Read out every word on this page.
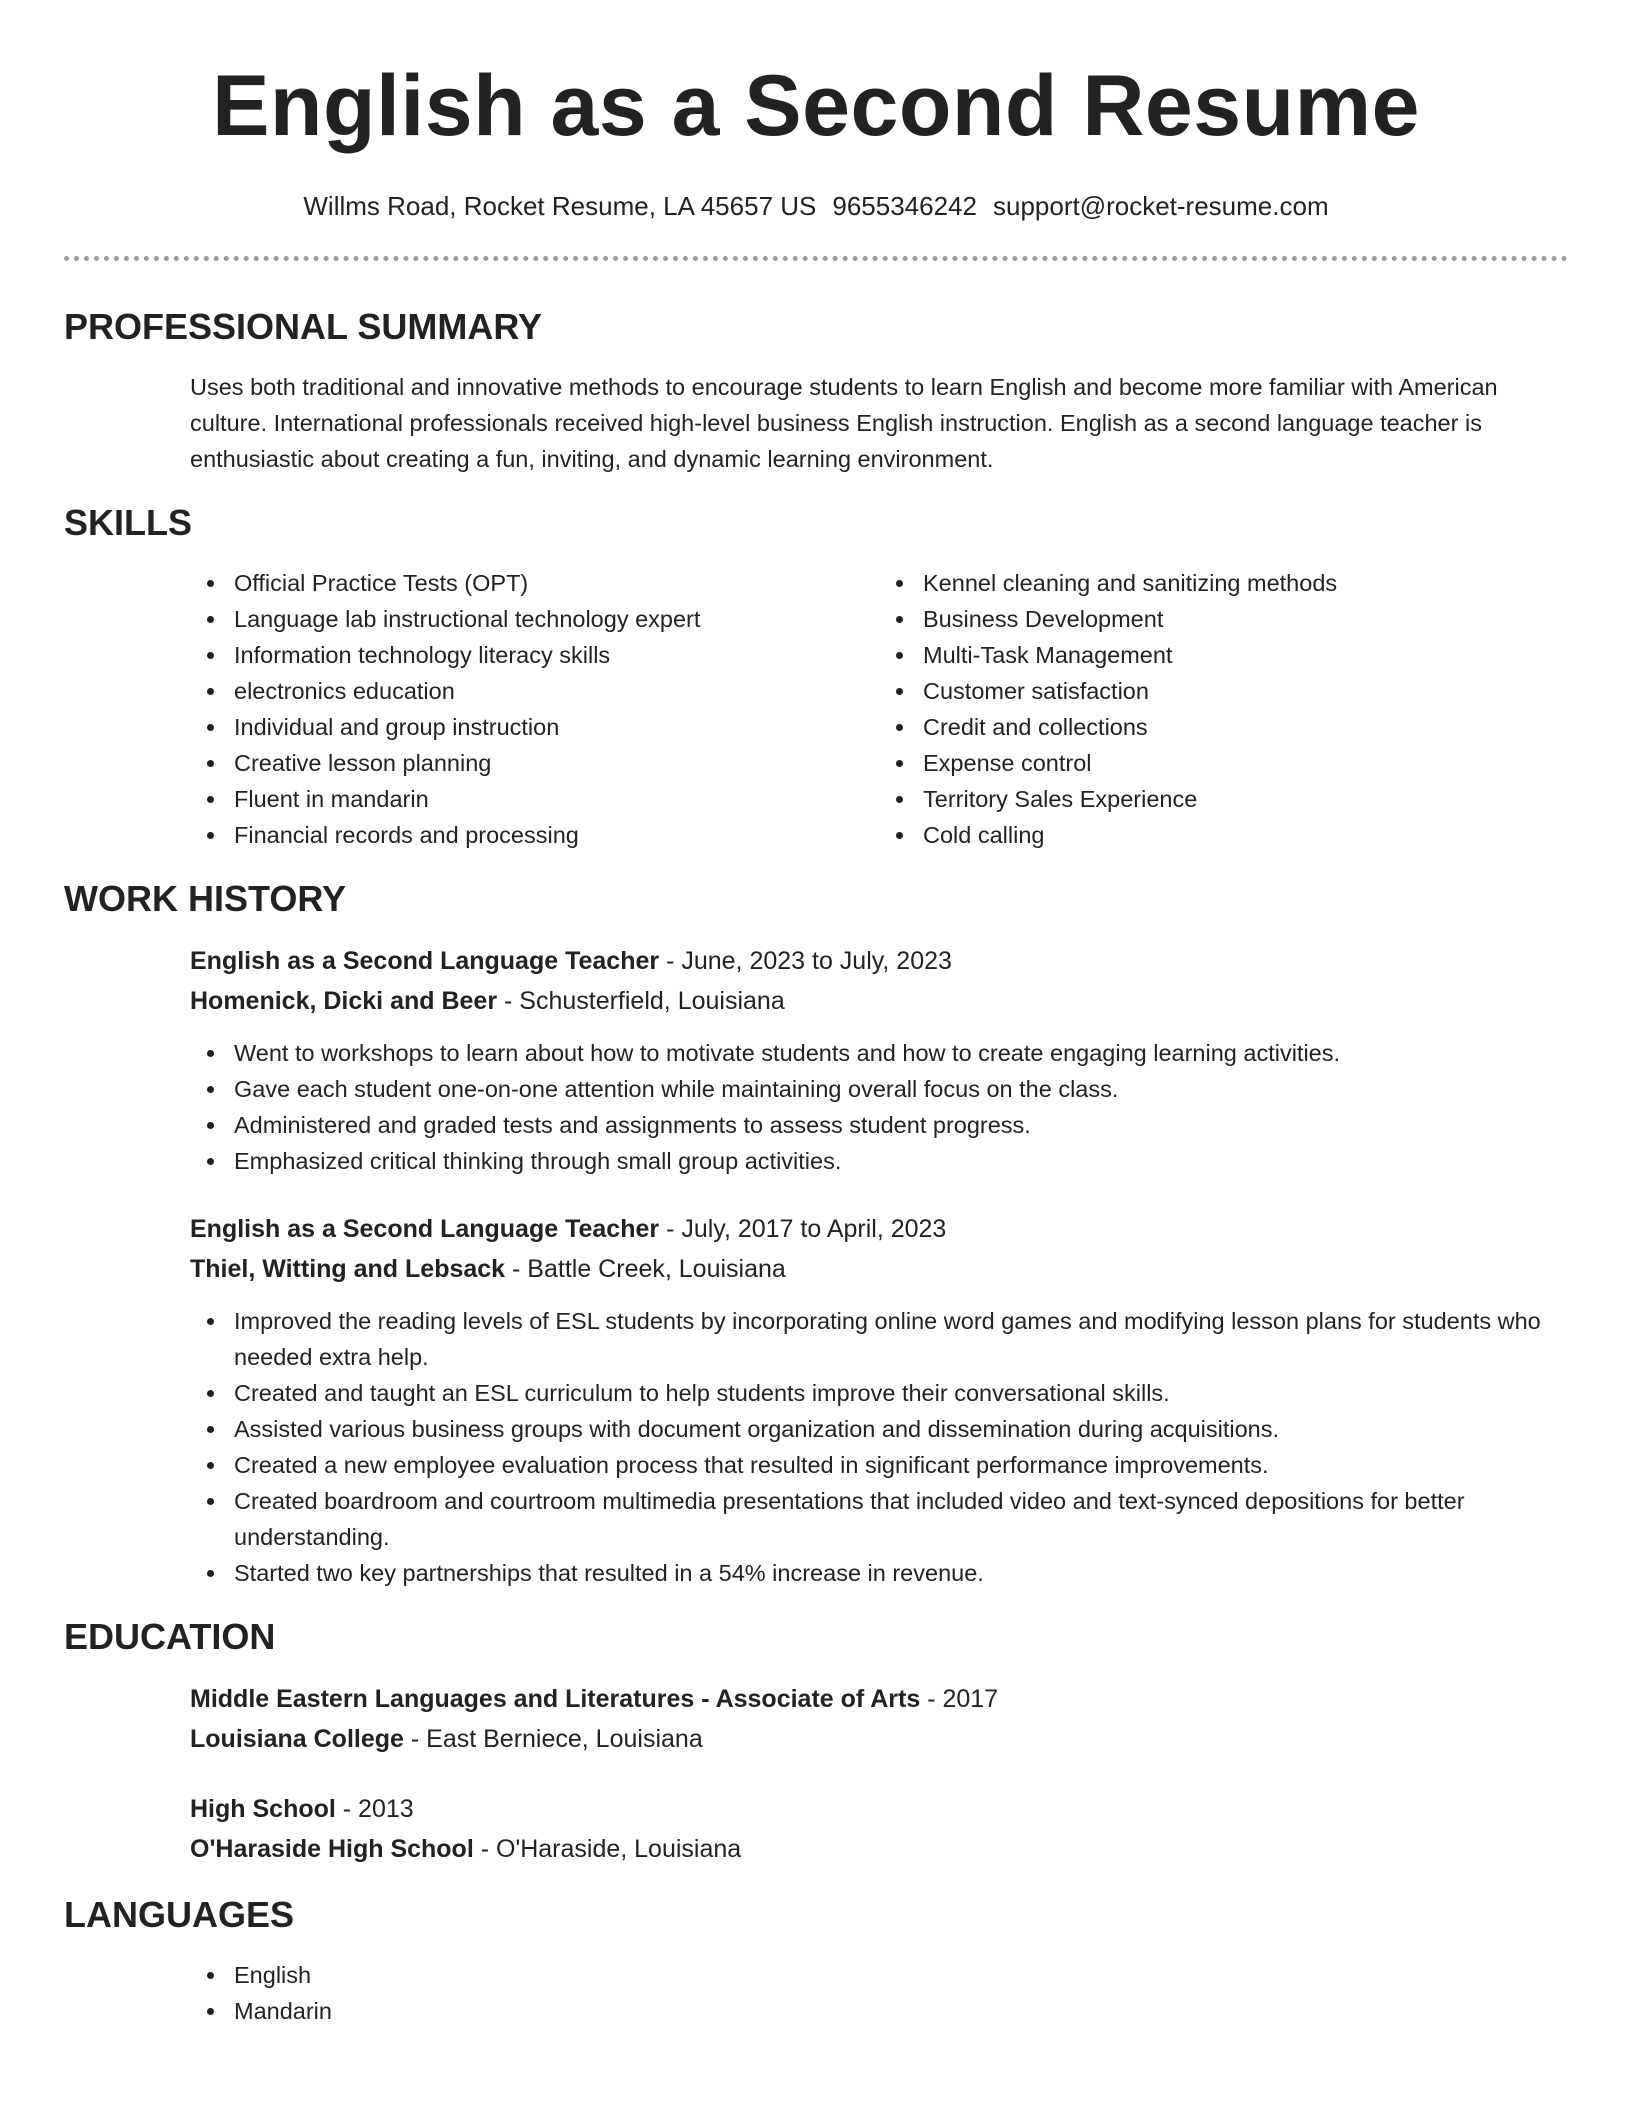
English as a Second Resume
Willms Road, Rocket Resume, LA 45657 US 9655346242 support@rocket-resume.com
PROFESSIONAL SUMMARY
Uses both traditional and innovative methods to encourage students to learn English and become more familiar with American culture. International professionals received high-level business English instruction. English as a second language teacher is enthusiastic about creating a fun, inviting, and dynamic learning environment.
SKILLS
Official Practice Tests (OPT)
Language lab instructional technology expert
Information technology literacy skills
electronics education
Individual and group instruction
Creative lesson planning
Fluent in mandarin
Financial records and processing
Kennel cleaning and sanitizing methods
Business Development
Multi-Task Management
Customer satisfaction
Credit and collections
Expense control
Territory Sales Experience
Cold calling
WORK HISTORY
English as a Second Language Teacher - June, 2023 to July, 2023
Homenick, Dicki and Beer - Schusterfield, Louisiana
Went to workshops to learn about how to motivate students and how to create engaging learning activities.
Gave each student one-on-one attention while maintaining overall focus on the class.
Administered and graded tests and assignments to assess student progress.
Emphasized critical thinking through small group activities.
English as a Second Language Teacher - July, 2017 to April, 2023
Thiel, Witting and Lebsack - Battle Creek, Louisiana
Improved the reading levels of ESL students by incorporating online word games and modifying lesson plans for students who needed extra help.
Created and taught an ESL curriculum to help students improve their conversational skills.
Assisted various business groups with document organization and dissemination during acquisitions.
Created a new employee evaluation process that resulted in significant performance improvements.
Created boardroom and courtroom multimedia presentations that included video and text-synced depositions for better understanding.
Started two key partnerships that resulted in a 54% increase in revenue.
EDUCATION
Middle Eastern Languages and Literatures - Associate of Arts - 2017
Louisiana College - East Berniece, Louisiana
High School - 2013
O'Haraside High School - O'Haraside, Louisiana
LANGUAGES
English
Mandarin
